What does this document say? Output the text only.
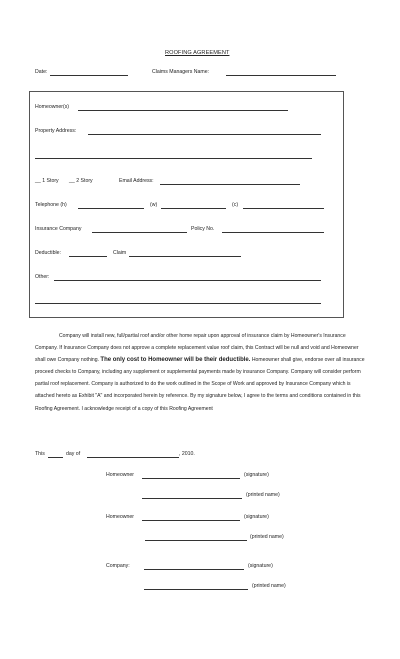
ROOFING AGREEMENT
Date:	Claims Managers Name:
Homeowner(s)
Property Address:
__ 1 Story __ 2 Story	Email Address:
Telephone (h)	(w)	(c)
Insurance Company	Policy No.
Deductible:	Claim
Other:
Company will install new, full/partial roof and/or other home repair upon approval of insurance claim by Homeowner's Insurance Company. If Insurance Company does not approve a complete replacement value roof claim, this Contract will be null and void and Homeowner shall owe Company nothing. The only cost to Homeowner will be their deductible. Homeowner shall give, endorse over all insurance proceed checks to Company, including any supplement or supplemental payments made by insurance Company. Company will consider perform partial roof replacement. Company is authorized to do the work outlined in the Scope of Work and approved by Insurance Company which is attached hereto as Exhibit "A" and incorporated herein by reference. By my signature below, I agree to the terms and conditions contained in this Roofing Agreement. I acknowledge receipt of a copy of this Roofing Agreement
This	day of	, 2010.
Homeowner	(signature)
(printed name)
Homeowner	(signature)
(printed name)
Company:	(signature)
(printed name)
